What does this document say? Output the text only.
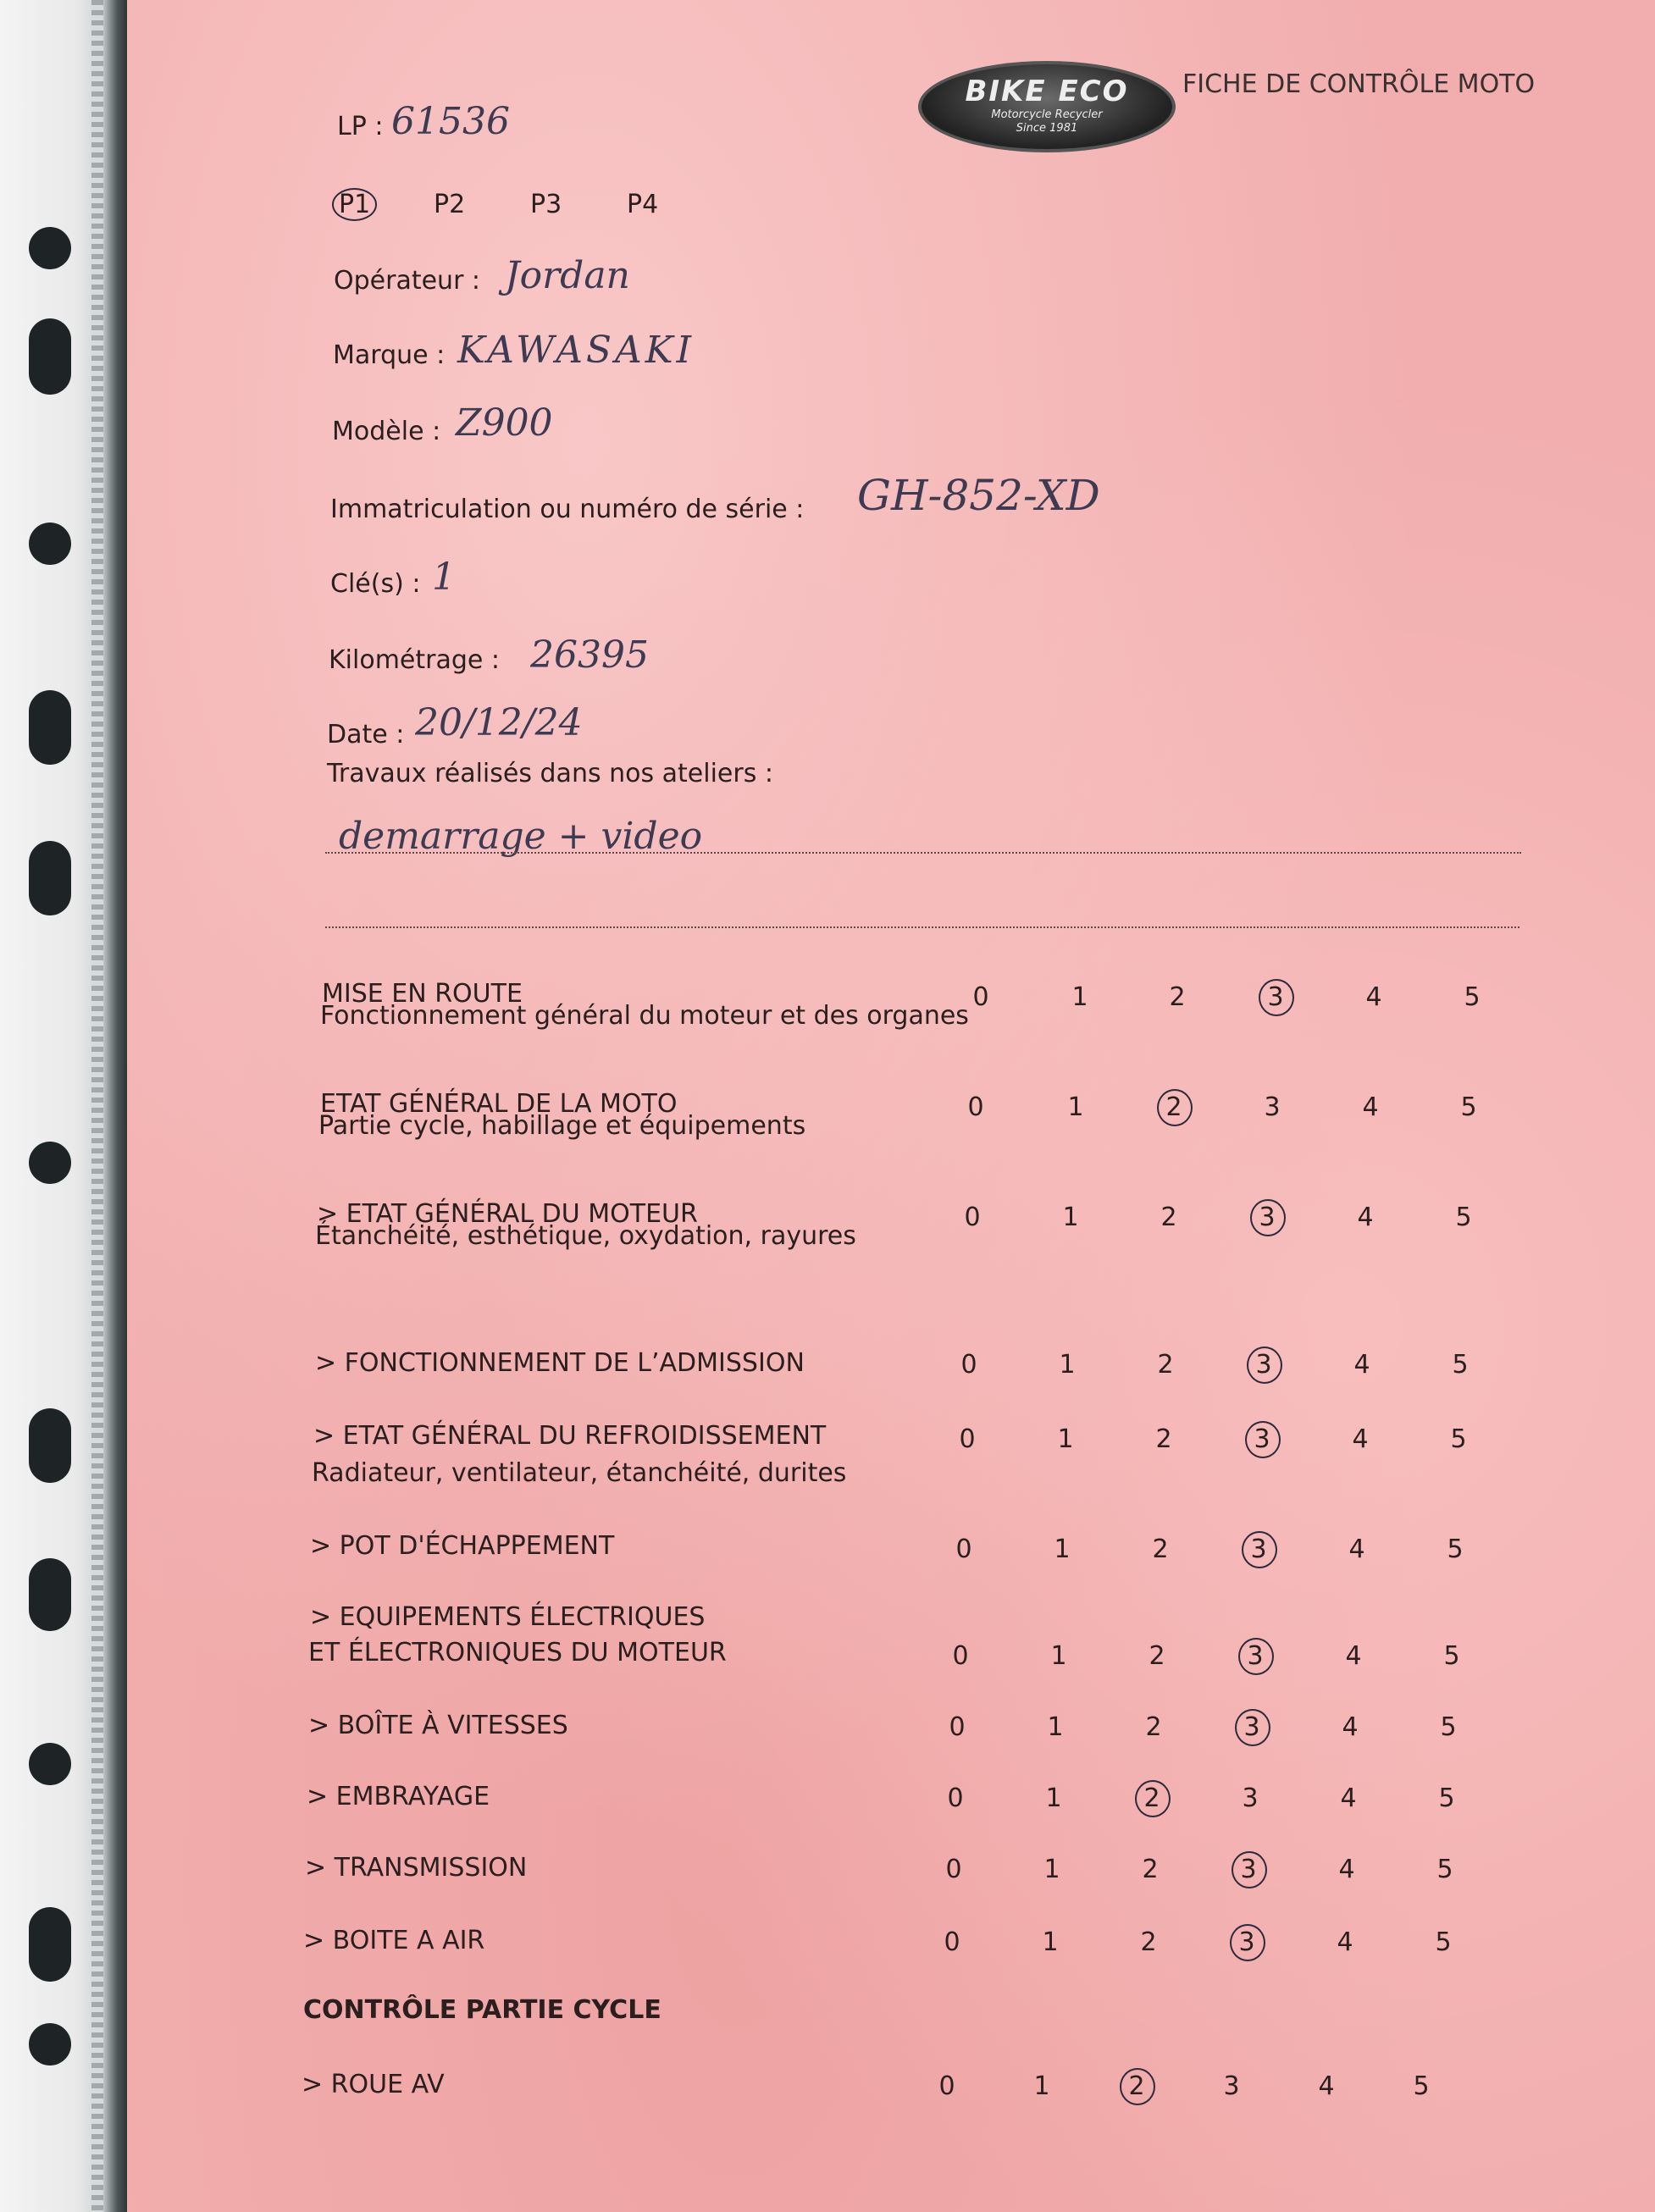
BIKE ECO
Motorcycle Recycler
Since 1981
FICHE DE CONTRÔLE MOTO
LP : 61536
P1 P2	P3	P4
Opérateur : Jordan
Marque : KAWASAKI
Modèle : Z900
Immatriculation ou numéro de série : GH-852-XD
Clé(s) : 1
Kilométrage : 26395
Date : 20/12/24
Travaux réalisés dans nos ateliers :
demarrage + video
MISE EN ROUTE
Fonctionnement général du moteur et des organes
0	1	2	3	4	5
ETAT GÉNÉRAL DE LA MOTO
Partie cycle, habillage et équipements
0	1	2	3	4	5
> ETAT GÉNÉRAL DU MOTEUR
Étanchéité, esthétique, oxydation, rayures
0	1	2	3	4	5
> FONCTIONNEMENT DE L’ADMISSION	0	1	2	3	4	5
> ETAT GÉNÉRAL DU REFROIDISSEMENT
Radiateur, ventilateur, étanchéité, durites
0	1	2	3	4	5
> POT D'ÉCHAPPEMENT	0	1	2	3	4	5
> EQUIPEMENTS ÉLECTRIQUES
ET ÉLECTRONIQUES DU MOTEUR	0	1	2	3	4	5
> BOÎTE À VITESSES	0	1	2	3	4	5
> EMBRAYAGE	0	1	2	3	4	5
> TRANSMISSION	0	1	2	3	4	5
> BOITE A AIR	0	1	2	3	4	5
> ROUE AV	0	1	2	3	4	5
CONTRÔLE PARTIE CYCLE
